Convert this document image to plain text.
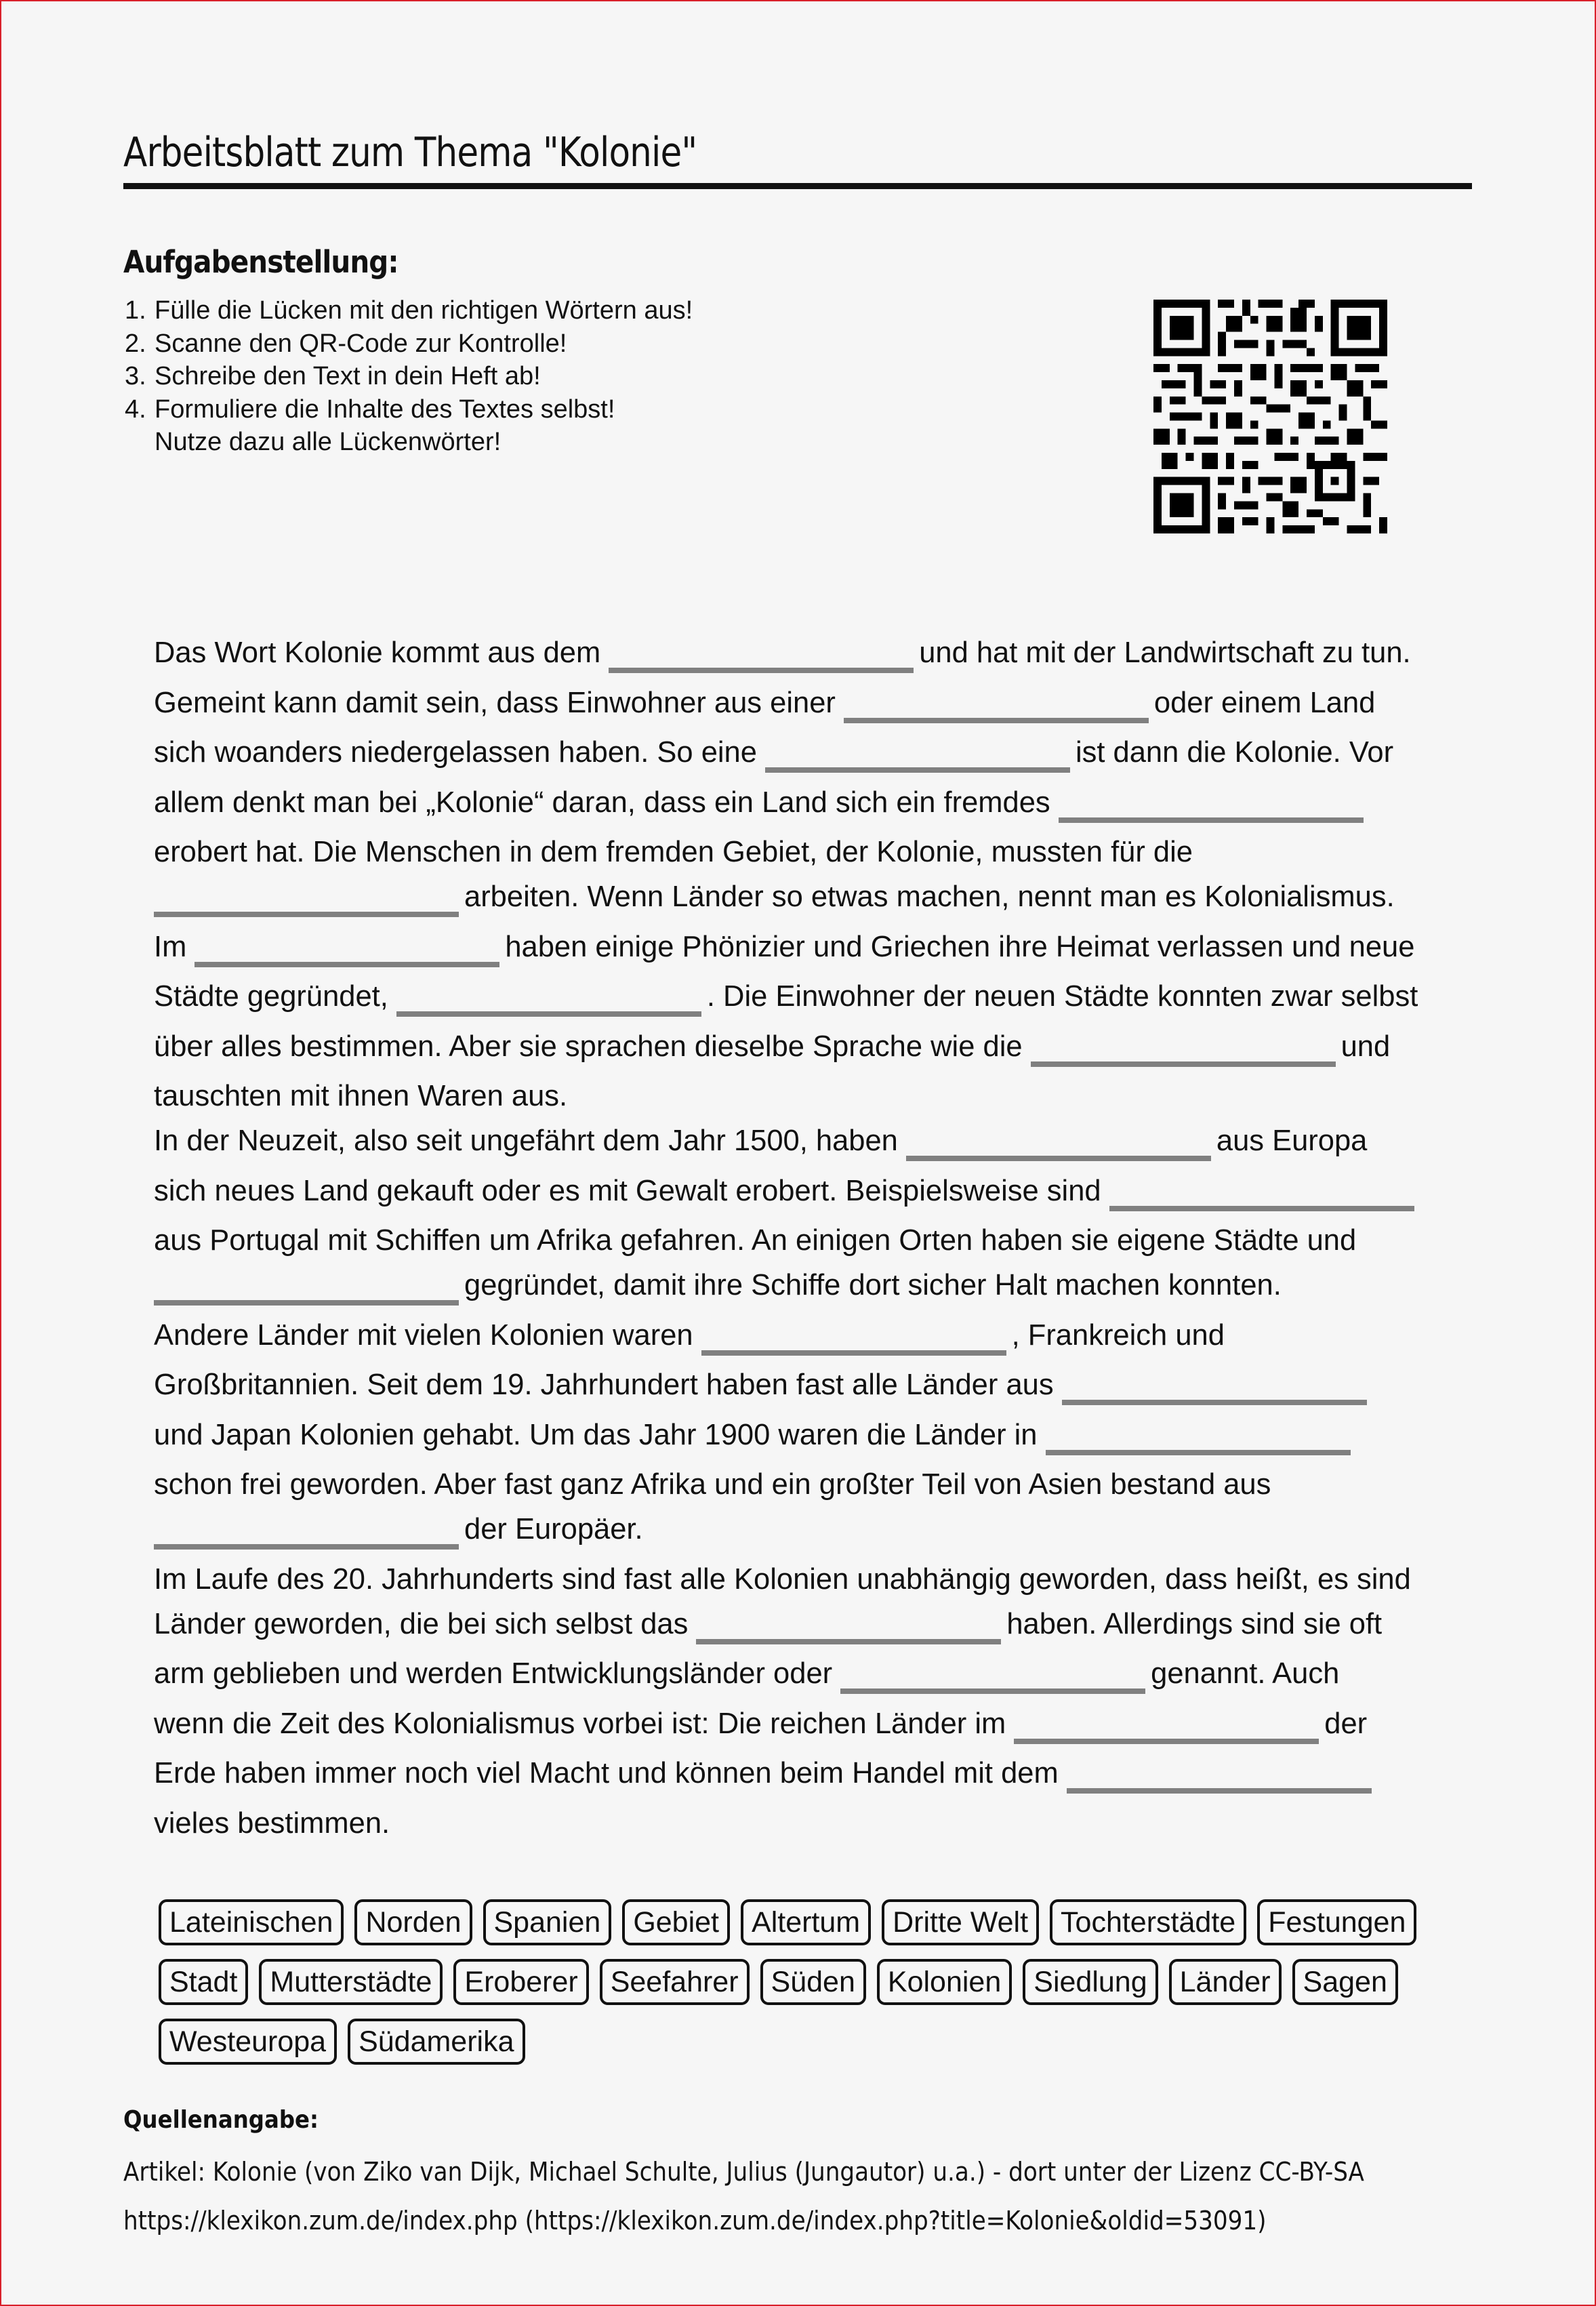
Arbeitsblatt zum Thema "Kolonie"
Aufgabenstellung:
1. Fülle die Lücken mit den richtigen Wörtern aus!
2. Scanne den QR-Code zur Kontrolle!
3. Schreibe den Text in dein Heft ab!
4. Formuliere die Inhalte des Textes selbst!
Nutze dazu alle Lückenwörter!
Das Wort Kolonie kommt aus dem	und hat mit der Landwirtschaft zu tun.
Gemeint kann damit sein, dass Einwohner aus einer	oder einem Land
sich woanders niedergelassen haben. So eine	ist dann die Kolonie. Vor
allem denkt man bei „Kolonie“ daran, dass ein Land sich ein fremdes
erobert hat. Die Menschen in dem fremden Gebiet, der Kolonie, mussten für die
arbeiten. Wenn Länder so etwas machen, nennt man es Kolonialismus.
Im	haben einige Phönizier und Griechen ihre Heimat verlassen und neue
Städte gegründet,	. Die Einwohner der neuen Städte konnten zwar selbst
über alles bestimmen. Aber sie sprachen dieselbe Sprache wie die	und
tauschten mit ihnen Waren aus.
In der Neuzeit, also seit ungefährt dem Jahr 1500, haben	aus Europa
sich neues Land gekauft oder es mit Gewalt erobert. Beispielsweise sind
aus Portugal mit Schiffen um Afrika gefahren. An einigen Orten haben sie eigene Städte und
gegründet, damit ihre Schiffe dort sicher Halt machen konnten.
Andere Länder mit vielen Kolonien waren	, Frankreich und
Großbritannien. Seit dem 19. Jahrhundert haben fast alle Länder aus
und Japan Kolonien gehabt. Um das Jahr 1900 waren die Länder in
schon frei geworden. Aber fast ganz Afrika und ein großter Teil von Asien bestand aus
der Europäer.
Im Laufe des 20. Jahrhunderts sind fast alle Kolonien unabhängig geworden, dass heißt, es sind
Länder geworden, die bei sich selbst das	haben. Allerdings sind sie oft
arm geblieben und werden Entwicklungsländer oder	genannt. Auch
wenn die Zeit des Kolonialismus vorbei ist: Die reichen Länder im	der
Erde haben immer noch viel Macht und können beim Handel mit dem
vieles bestimmen.
Lateinischen	Norden	Spanien	Gebiet	Altertum	Dritte Welt	Tochterstädte	Festungen
Stadt	Mutterstädte	Eroberer	Seefahrer	Süden	Kolonien	Siedlung	Länder	Sagen
Westeuropa	Südamerika
Quellenangabe:
Artikel: Kolonie (von Ziko van Dijk, Michael Schulte, Julius (Jungautor) u.a.) - dort unter der Lizenz CC-BY-SA
https://klexikon.zum.de/index.php (https://klexikon.zum.de/index.php?title=Kolonie&oldid=53091)
